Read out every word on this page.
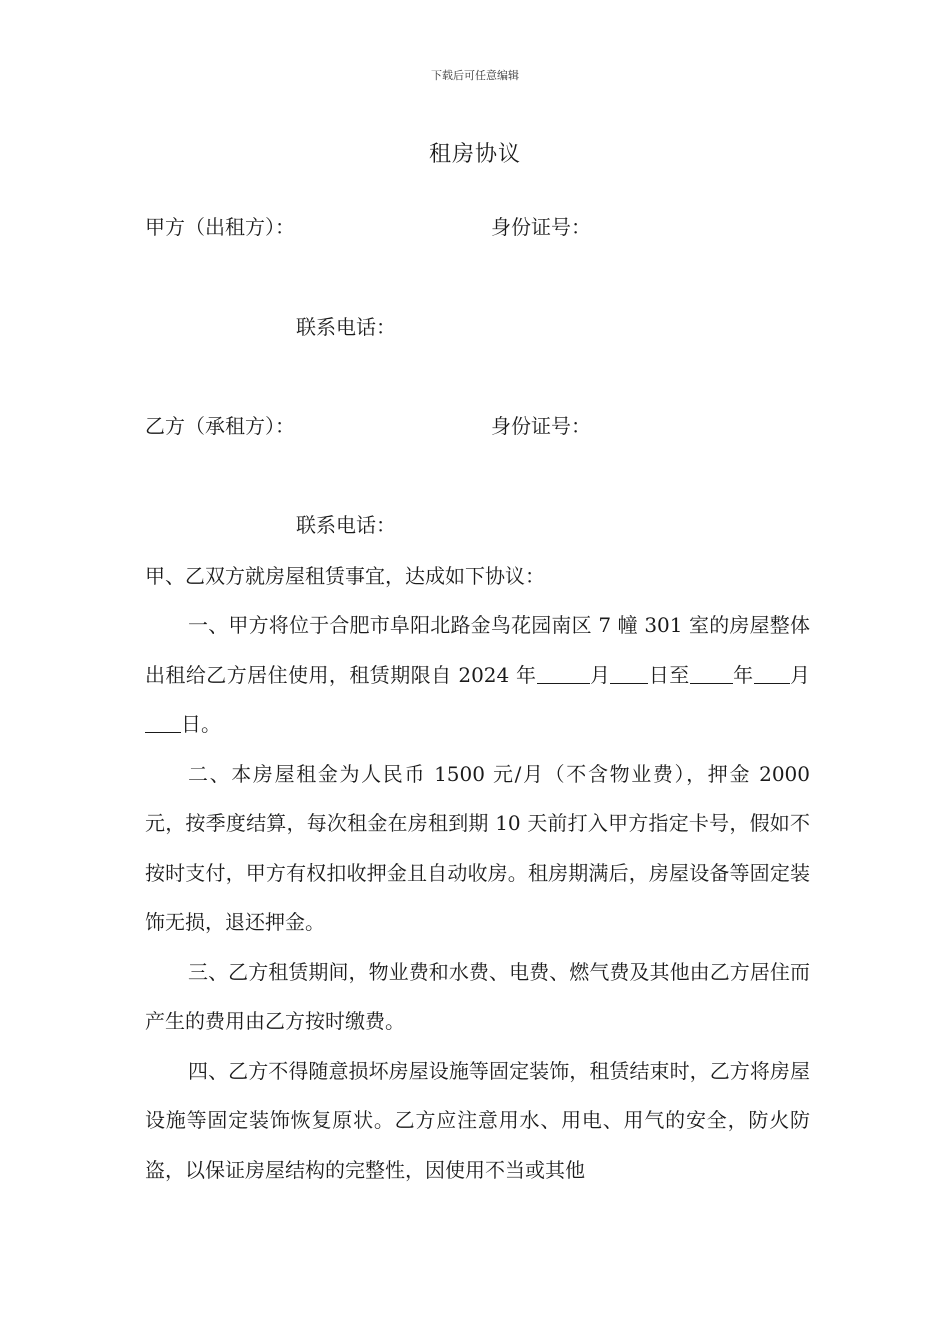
下载后可任意编辑
租房协议
甲方（出租方）：	身份证号：
联系电话：
乙方（承租方）：	身份证号：
联系电话：

甲、乙双方就房屋租赁事宜，达成如下协议：

一、甲方将位于合肥市阜阳北路金鸟花园南区 7 幢 301 室的房屋整体出租给乙方居住使用，租赁期限自 2024 年	月 日至 年 月日。

二、本房屋租金为人民币 1500 元/月（不含物业费），押金 2000 元，按季度结算，每次租金在房租到期 10 天前打入甲方指定卡号，假如不按时支付，甲方有权扣收押金且自动收房。租房期满后，房屋设备等固定装饰无损，退还押金。

三、乙方租赁期间，物业费和水费、电费、燃气费及其他由乙方居住而产生的费用由乙方按时缴费。

四、乙方不得随意损坏房屋设施等固定装饰，租赁结束时，乙方将房屋设施等固定装饰恢复原状。乙方应注意用水、用电、用气的安全，防火防盗，以保证房屋结构的完整性，因使用不当或其他
